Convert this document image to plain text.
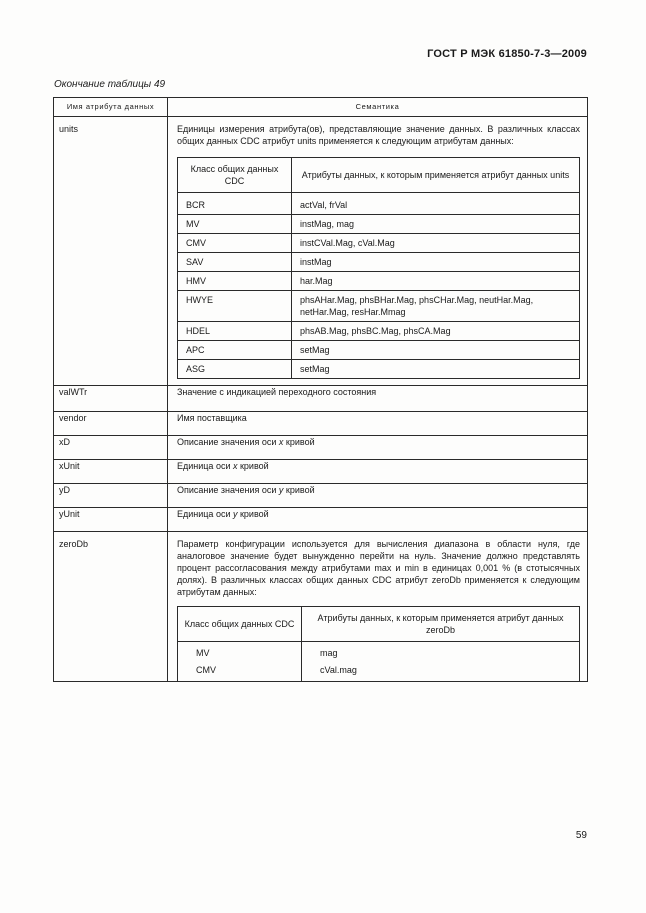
ГОСТ Р МЭК 61850-7-3—2009
Окончание таблицы 49
Имя атрибута данных	Семантика
units	Единицы измерения атрибута(ов), представляющие значение данных. В различных классах общих данных CDC атрибут units применяется к следующим атрибутам данных:
Класс общих данных CDC	Атрибуты данных, к которым применяется атрибут данных units
BCR	actVal, frVal
MV	instMag, mag
CMV	instCVal.Mag, cVal.Mag
SAV	instMag
HMV	har.Mag
HWYE	phsAHar.Mag, phsBHar.Mag, phsCHar.Mag, neutHar.Mag, netHar.Mag, resHar.Mmag
HDEL	phsAB.Mag, phsBC.Mag, phsCA.Mag
APC	setMag
ASG	setMag

valWTr	Значение с индикацией переходного состояния
vendor	Имя поставщика
xD	Описание значения оси x кривой
xUnit	Единица оси x кривой
yD	Описание значения оси y кривой
yUnit	Единица оси y кривой
zeroDb	Параметр конфигурации используется для вычисления диапазона в области нуля, где аналоговое значение будет вынужденно перейти на нуль. Значение должно представлять процент рассогласования между атрибутами max и min в единицах 0,001 % (в стотысячных долях). В различных классах общих данных CDC атрибут zeroDb применяется к следующим атрибутам данных:
Класс общих данных CDC	Атрибуты данных, к которым применяется атрибут данных zeroDb
MV	mag
CMV	cVal.mag
59
